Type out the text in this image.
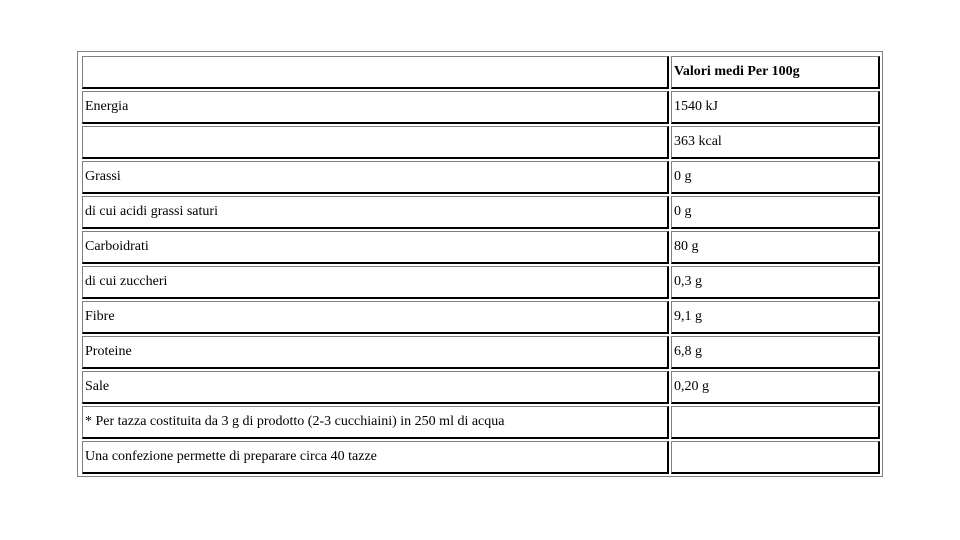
	Valori medi Per 100g
Energia	1540 kJ
	363 kcal
Grassi	0 g
di cui acidi grassi saturi	0 g
Carboidrati	80 g
di cui zuccheri	0,3 g
Fibre	9,1 g
Proteine	6,8 g
Sale	0,20 g
* Per tazza costituita da 3 g di prodotto (2-3 cucchiaini) in 250 ml di acqua	
Una confezione permette di preparare circa 40 tazze	
